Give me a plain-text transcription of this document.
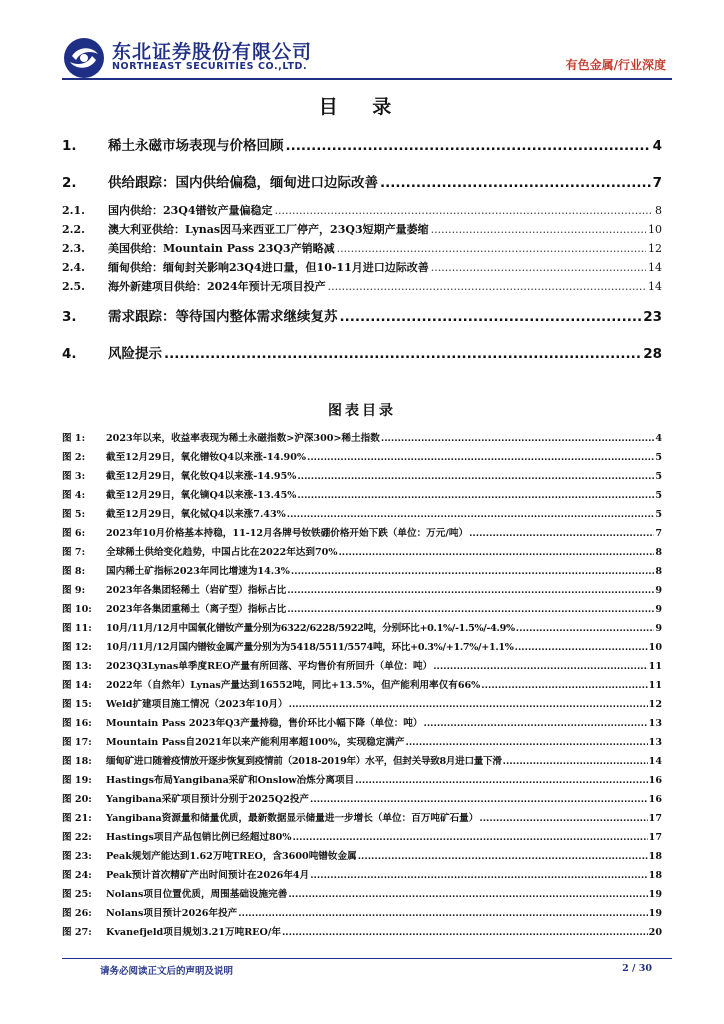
东北证券股份有限公司
NORTHEAST SECURITIES CO.,LTD.	有色金属/行业深度
目 录
1.	稀土永磁市场表现与价格回顾 .....	4
2.	供给跟踪：国内供给偏稳，缅甸进口边际改善 .....	7
2.1.	国内供给：23Q4镨钕产量偏稳定 .....	8
2.2.	澳大利亚供给：Lynas因马来西亚工厂停产，23Q3短期产量萎缩 .....	10
2.3.	美国供给：Mountain Pass 23Q3产销略减 .....	12
2.4.	缅甸供给：缅甸封关影响23Q4进口量，但10-11月进口边际改善 .....	14
2.5.	海外新建项目供给：2024年预计无项目投产 .....	14
3.	需求跟踪：等待国内整体需求继续复苏 .....	23
4.	风险提示 .....	28
图表目录
图 1:	2023年以来，收益率表现为稀土永磁指数>沪深300>稀土指数 .....	4
图 2:	截至12月29日，氧化镨钕Q4以来涨-14.90% .....	5
图 3:	截至12月29日，氧化钕Q4以来涨-14.95% .....	5
图 4:	截至12月29日，氧化镝Q4以来涨-13.45% .....	5
图 5:	截至12月29日，氧化铽Q4以来涨7.43% .....	5
图 6:	2023年10月价格基本持稳，11-12月各牌号钕铁硼价格开始下跌（单位：万元/吨） .....	7
图 7:	全球稀土供给变化趋势，中国占比在2022年达到70% .....	8
图 8:	国内稀土矿指标2023年同比增速为14.3% .....	8
图 9:	2023年各集团轻稀土（岩矿型）指标占比 .....	9
图 10:	2023年各集团重稀土（离子型）指标占比 .....	9
图 11:	10月/11月/12月中国氧化镨钕产量分别为6322/6228/5922吨，分别环比+0.1%/-1.5%/-4.9% .....	9
图 12:	10月/11月/12月国内镨钕金属产量分别为为5418/5511/5574吨，环比+0.3%/+1.7%/+1.1% .....	10
图 13:	2023Q3Lynas单季度REO产量有所回落、平均售价有所回升（单位：吨） .....	11
图 14:	2022年（自然年）Lynas产量达到16552吨，同比+13.5%，但产能利用率仅有66% .....	11
图 15:	Weld扩建项目施工情况（2023年10月） .....	12
图 16:	Mountain Pass 2023年Q3产量持稳，售价环比小幅下降（单位：吨） .....	13
图 17:	Mountain Pass自2021年以来产能利用率超100%，实现稳定满产 .....	13
图 18:	缅甸矿进口随着疫情放开逐步恢复到疫情前（2018-2019年）水平，但封关导致8月进口量下滑 .....	14
图 19:	Hastings布局Yangibana采矿和Onslow冶炼分离项目 .....	16
图 20:	Yangibana采矿项目预计分别于2025Q2投产 .....	16
图 21:	Yangibana资源量和储量优质，最新数据显示储量进一步增长（单位：百万吨矿石量） .....	17
图 22:	Hastings项目产品包销比例已经超过80% .....	17
图 23:	Peak规划产能达到1.62万吨TREO，含3600吨镨钕金属 .....	18
图 24:	Peak预计首次精矿产出时间预计在2026年4月 .....	18
图 25:	Nolans项目位置优质，周围基础设施完善 .....	19
图 26:	Nolans项目预计2026年投产 .....	19
图 27:	Kvanefjeld项目规划3.21万吨REO/年 .....	20
请务必阅读正文后的声明及说明	2 / 30
